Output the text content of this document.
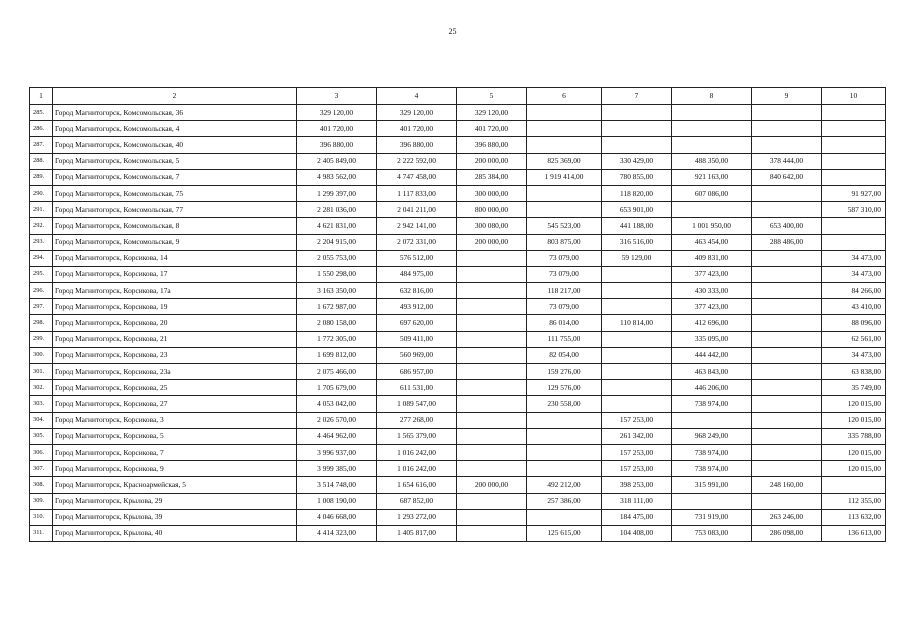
25
1	2	3	4	5	6	7	8	9	10
285.	Город Магнитогорск, Комсомольская, 36	329 120,00	329 120,00	329 120,00					
286.	Город Магнитогорск, Комсомольская, 4	401 720,00	401 720,00	401 720,00					
287.	Город Магнитогорск, Комсомольская, 40	396 880,00	396 880,00	396 880,00					
288.	Город Магнитогорск, Комсомольская, 5	2 405 849,00	2 222 592,00	200 000,00	825 369,00	330 429,00	488 350,00	378 444,00	
289.	Город Магнитогорск, Комсомольская, 7	4 983 562,00	4 747 458,00	285 384,00	1 919 414,00	780 855,00	921 163,00	840 642,00	
290.	Город Магнитогорск, Комсомольская, 75	1 299 397,00	1 117 833,00	300 000,00		118 820,00	607 086,00		91 927,00
291.	Город Магнитогорск, Комсомольская, 77	2 281 036,00	2 041 211,00	800 000,00		653 901,00			587 310,00
292.	Город Магнитогорск, Комсомольская, 8	4 621 831,00	2 942 141,00	300 080,00	545 523,00	441 188,00	1 001 950,00	653 400,00	
293.	Город Магнитогорск, Комсомольская, 9	2 204 915,00	2 072 331,00	200 000,00	803 875,00	316 516,00	463 454,00	288 486,00	
294.	Город Магнитогорск, Корсикова, 14	2 055 753,00	576 512,00		73 079,00	59 129,00	409 831,00		34 473,00
295.	Город Магнитогорск, Корсикова, 17	1 550 298,00	484 975,00		73 079,00		377 423,00		34 473,00
296.	Город Магнитогорск, Корсикова, 17а	3 163 350,00	632 816,00		118 217,00		430 333,00		84 266,00
297.	Город Магнитогорск, Корсикова, 19	1 672 987,00	493 912,00		73 079,00		377 423,00		43 410,00
298.	Город Магнитогорск, Корсикова, 20	2 080 158,00	697 620,00		86 014,00	110 814,00	412 696,00		88 096,00
299.	Город Магнитогорск, Корсикова, 21	1 772 305,00	509 411,00		111 755,00		335 095,00		62 561,00
300.	Город Магнитогорск, Корсикова, 23	1 699 812,00	560 969,00		82 054,00		444 442,00		34 473,00
301.	Город Магнитогорск, Корсикова, 23а	2 075 466,00	686 957,00		159 276,00		463 843,00		63 838,00
302.	Город Магнитогорск, Корсикова, 25	1 705 679,00	611 531,00		129 576,00		446 206,00		35 749,00
303.	Город Магнитогорск, Корсикова, 27	4 053 042,00	1 089 547,00		230 558,00		738 974,00		120 015,00
304.	Город Магнитогорск, Корсикова, 3	2 026 570,00	277 268,00			157 253,00			120 015,00
305.	Город Магнитогорск, Корсикова, 5	4 464 962,00	1 565 379,00			261 342,00	968 249,00		335 788,00
306.	Город Магнитогорск, Корсикова, 7	3 996 937,00	1 016 242,00			157 253,00	738 974,00		120 015,00
307.	Город Магнитогорск, Корсикова, 9	3 999 385,00	1 016 242,00			157 253,00	738 974,00		120 015,00
308.	Город Магнитогорск, Красноармейская, 5	3 514 748,00	1 654 616,00	200 000,00	492 212,00	398 253,00	315 991,00	248 160,00	
309.	Город Магнитогорск, Крылова, 29	1 008 190,00	687 852,00		257 386,00	318 111,00			112 355,00
310.	Город Магнитогорск, Крылова, 39	4 046 668,00	1 293 272,00			184 475,00	731 919,00	263 246,00	113 632,00
311.	Город Магнитогорск, Крылова, 40	4 414 323,00	1 405 817,00		125 615,00	104 408,00	753 083,00	286 098,00	136 613,00
